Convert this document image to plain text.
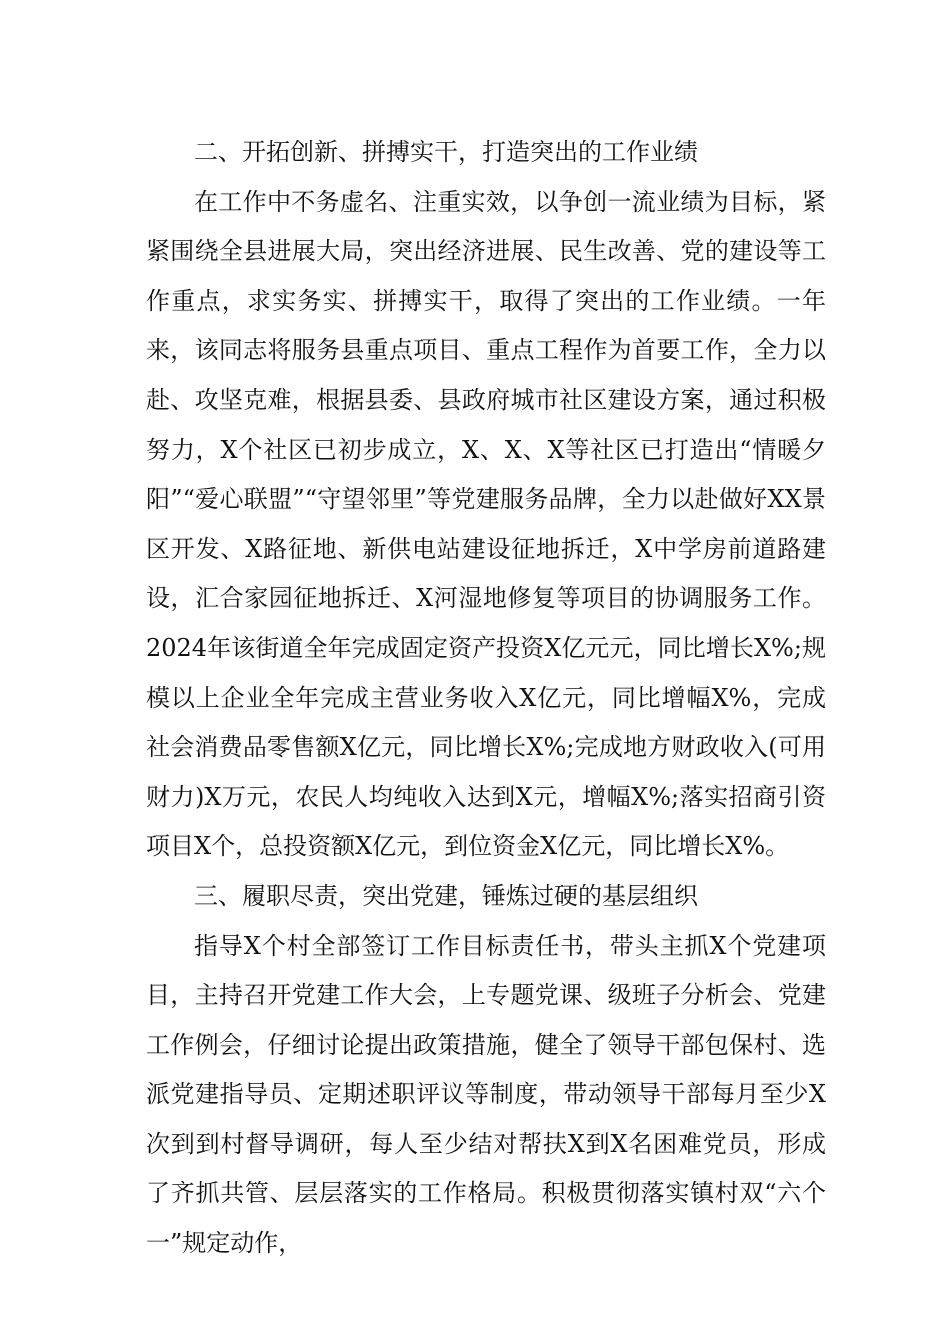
二、开拓创新、拼搏实干，打造突出的工作业绩

在工作中不务虚名、注重实效，以争创一流业绩为目标，紧紧围绕全县进展大局，突出经济进展、民生改善、党的建设等工作重点，求实务实、拼搏实干，取得了突出的工作业绩。一年来，该同志将服务县重点项目、重点工程作为首要工作，全力以赴、攻坚克难，根据县委、县政府城市社区建设方案，通过积极努力，X个社区已初步成立，X、X、X等社区已打造出“情暖夕阳”“爱心联盟”“守望邻里”等党建服务品牌，全力以赴做好XX景区开发、X路征地、新供电站建设征地拆迁，X中学房前道路建设，汇合家园征地拆迁、X河湿地修复等项目的协调服务工作。2024年该街道全年完成固定资产投资X亿元元，同比增长X%;规模以上企业全年完成主营业务收入X亿元，同比增幅X%，完成社会消费品零售额X亿元，同比增长X%;完成地方财政收入(可用财力)X万元，农民人均纯收入达到X元，增幅X%;落实招商引资项目X个，总投资额X亿元，到位资金X亿元，同比增长X%。

三、履职尽责，突出党建，锤炼过硬的基层组织

指导X个村全部签订工作目标责任书，带头主抓X个党建项目，主持召开党建工作大会，上专题党课、级班子分析会、党建工作例会，仔细讨论提出政策措施，健全了领导干部包保村、选派党建指导员、定期述职评议等制度，带动领导干部每月至少X次到到村督导调研，每人至少结对帮扶X到X名困难党员，形成了齐抓共管、层层落实的工作格局。积极贯彻落实镇村双“六个一”规定动作，
